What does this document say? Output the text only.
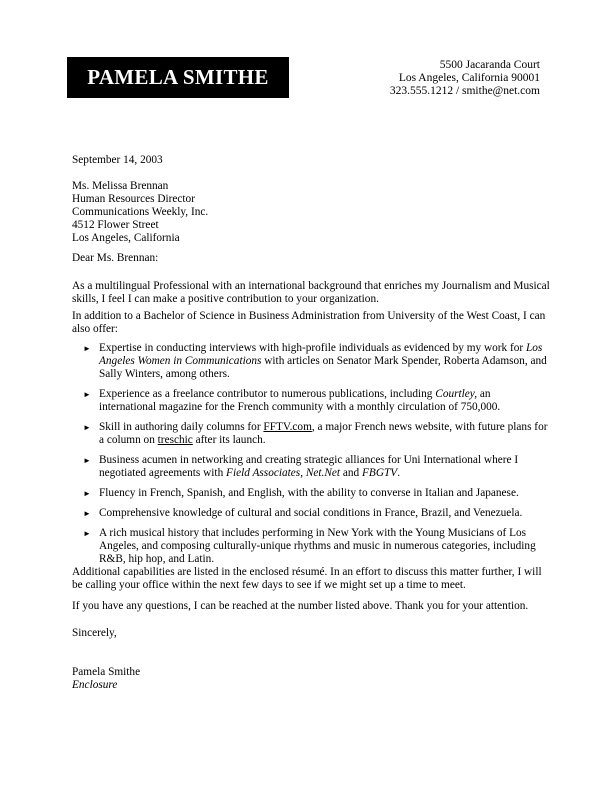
PAMELA SMITHE	5500 Jacaranda Court
Los Angeles, California 90001
323.555.1212 / smithe@net.com

September 14, 2003

Ms. Melissa Brennan
Human Resources Director
Communications Weekly, Inc.
4512 Flower Street
Los Angeles, California

Dear Ms. Brennan:

As a multilingual Professional with an international background that enriches my Journalism and Musical skills, I feel I can make a positive contribution to your organization.

In addition to a Bachelor of Science in Business Administration from University of the West Coast, I can also offer:

► Expertise in conducting interviews with high-profile individuals as evidenced by my work for Los Angeles Women in Communications with articles on Senator Mark Spender, Roberta Adamson, and Sally Winters, among others.
► Experience as a freelance contributor to numerous publications, including Courtley, an international magazine for the French community with a monthly circulation of 750,000.
► Skill in authoring daily columns for FFTV.com, a major French news website, with future plans for a column on treschic after its launch.
► Business acumen in networking and creating strategic alliances for Uni International where I negotiated agreements with Field Associates, Net.Net and FBGTV.
► Fluency in French, Spanish, and English, with the ability to converse in Italian and Japanese.
► Comprehensive knowledge of cultural and social conditions in France, Brazil, and Venezuela.
► A rich musical history that includes performing in New York with the Young Musicians of Los Angeles, and composing culturally-unique rhythms and music in numerous categories, including R&B, hip hop, and Latin.

Additional capabilities are listed in the enclosed résumé. In an effort to discuss this matter further, I will be calling your office within the next few days to see if we might set up a time to meet.

If you have any questions, I can be reached at the number listed above. Thank you for your attention.

Sincerely,

Pamela Smithe

Enclosure
